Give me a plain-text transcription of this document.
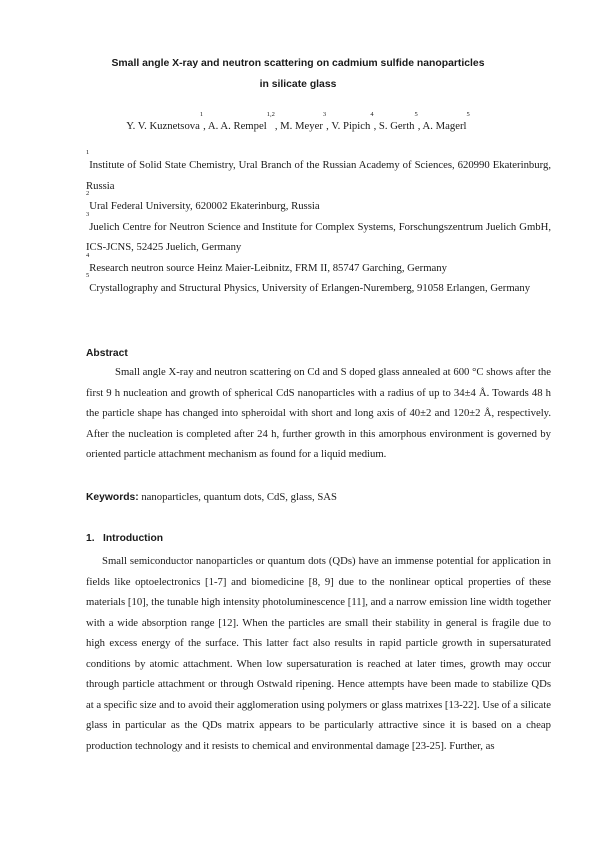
Small angle X-ray and neutron scattering on cadmium sulfide nanoparticles
in silicate glass
Y. V. Kuznetsova$^1$, A. A. Rempel$^{1,2}$, M. Meyer$^3$, V. Pipich$^4$, S. Gerth$^5$, A. Magerl$^5$

$^1$Institute of Solid State Chemistry, Ural Branch of the Russian Academy of Sciences, 620990 Ekaterinburg, Russia

$^2$Ural Federal University, 620002 Ekaterinburg, Russia

$^3$Juelich Centre for Neutron Science and Institute for Complex Systems, Forschungszentrum Juelich GmbH, ICS-JCNS, 52425 Juelich, Germany

$^4$Research neutron source Heinz Maier-Leibnitz, FRM II, 85747 Garching, Germany

$^5$Crystallography and Structural Physics, University of Erlangen-Nuremberg, 91058 Erlangen, Germany

Abstract

Small angle X-ray and neutron scattering on Cd and S doped glass annealed at 600 °C shows after the first 9 h nucleation and growth of spherical CdS nanoparticles with a radius of up to 34±4 Å. Towards 48 h the particle shape has changed into spheroidal with short and long axis of 40±2 and 120±2 Å, respectively. After the nucleation is completed after 24 h, further growth in this amorphous environment is governed by oriented particle attachment mechanism as found for a liquid medium.

Keywords: nanoparticles, quantum dots, CdS, glass, SAS
1. Introduction

Small semiconductor nanoparticles or quantum dots (QDs) have an immense potential for application in fields like optoelectronics [1-7] and biomedicine [8, 9] due to the nonlinear optical properties of these materials [10], the tunable high intensity photoluminescence [11], and a narrow emission line width together with a wide absorption range [12]. When the particles are small their stability in general is fragile due to high excess energy of the surface. This latter fact also results in rapid particle growth in supersaturated conditions by atomic attachment. When low supersaturation is reached at later times, growth may occur through particle attachment or through Ostwald ripening. Hence attempts have been made to stabilize QDs at a specific size and to avoid their agglomeration using polymers or glass matrixes [13-22]. Use of a silicate glass in particular as the QDs matrix appears to be particularly attractive since it is based on a cheap production technology and it resists to chemical and environmental damage [23-25]. Further, as
